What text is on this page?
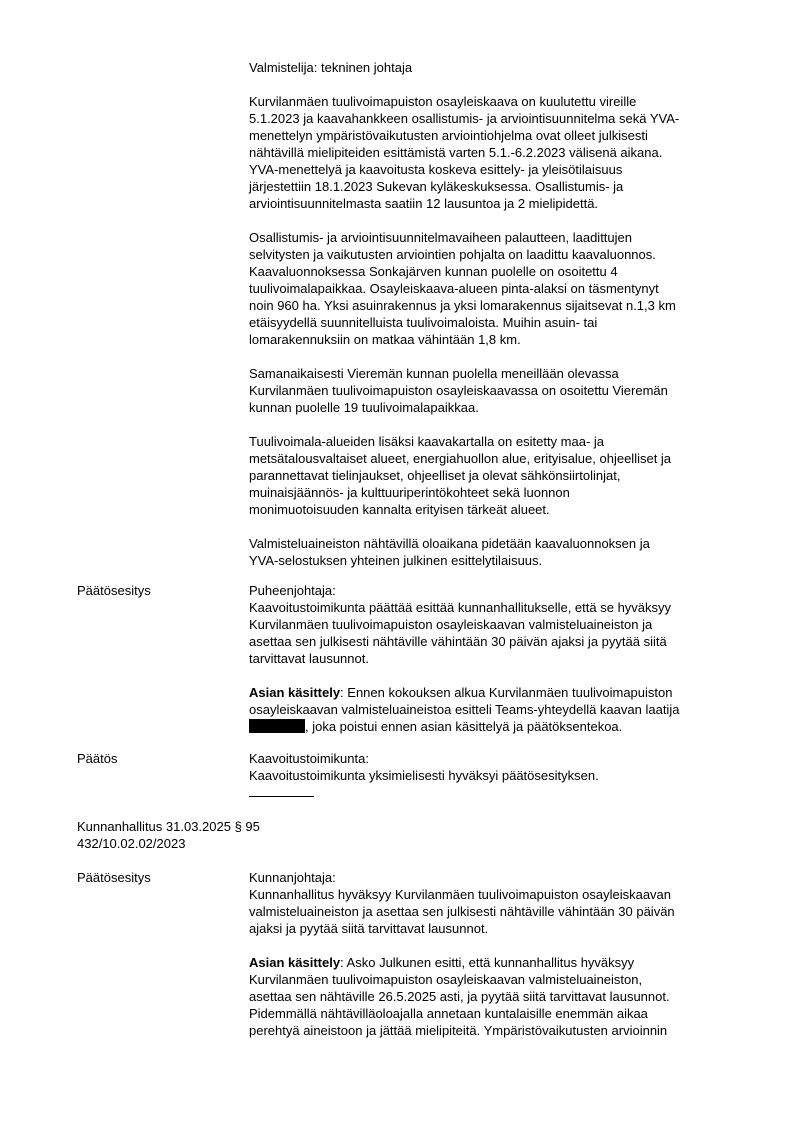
Valmistelija: tekninen johtaja

Kurvilanmäen tuulivoimapuiston osayleiskaava on kuulutettu vireille

5.1.2023 ja kaavahankkeen osallistumis- ja arviointisuunnitelma sekä YVA-

menettelyn ympäristövaikutusten arviointiohjelma ovat olleet julkisesti

nähtävillä mielipiteiden esittämistä varten 5.1.-6.2.2023 välisenä aikana.

YVA-menettelyä ja kaavoitusta koskeva esittely- ja yleisötilaisuus

järjestettiin 18.1.2023 Sukevan kyläkeskuksessa. Osallistumis- ja

arviointisuunnitelmasta saatiin 12 lausuntoa ja 2 mielipidettä.

Osallistumis- ja arviointisuunnitelmavaiheen palautteen, laadittujen

selvitysten ja vaikutusten arviointien pohjalta on laadittu kaavaluonnos.

Kaavaluonnoksessa Sonkajärven kunnan puolelle on osoitettu 4

tuulivoimalapaikkaa. Osayleiskaava-alueen pinta-alaksi on täsmentynyt

noin 960 ha. Yksi asuinrakennus ja yksi lomarakennus sijaitsevat n.1,3 km

etäisyydellä suunnitelluista tuulivoimaloista. Muihin asuin- tai

lomarakennuksiin on matkaa vähintään 1,8 km.

Samanaikaisesti Vieremän kunnan puolella meneillään olevassa

Kurvilanmäen tuulivoimapuiston osayleiskaavassa on osoitettu Vieremän

kunnan puolelle 19 tuulivoimalapaikkaa.

Tuulivoimala-alueiden lisäksi kaavakartalla on esitetty maa- ja

metsätalousvaltaiset alueet, energiahuollon alue, erityisalue, ohjeelliset ja

parannettavat tielinjaukset, ohjeelliset ja olevat sähkönsiirtolinjat,

muinaisjäännös- ja kulttuuriperintökohteet sekä luonnon

monimuotoisuuden kannalta erityisen tärkeät alueet.

Valmisteluaineiston nähtävillä oloaikana pidetään kaavaluonnoksen ja

YVA-selostuksen yhteinen julkinen esittelytilaisuus.

Päätösesitys	Puheenjohtaja:

Kaavoitustoimikunta päättää esittää kunnanhallitukselle, että se hyväksyy

Kurvilanmäen tuulivoimapuiston osayleiskaavan valmisteluaineiston ja

asettaa sen julkisesti nähtäville vähintään 30 päivän ajaksi ja pyytää siitä

tarvittavat lausunnot.

Asian käsittely: Ennen kokouksen alkua Kurvilanmäen tuulivoimapuiston

osayleiskaavan valmisteluaineistoa esitteli Teams-yhteydellä kaavan laatija

, joka poistui ennen asian käsittelyä ja päätöksentekoa.

Päätös	Kaavoitustoimikunta:

Kaavoitustoimikunta yksimielisesti hyväksyi päätösesityksen.

Kunnanhallitus 31.03.2025 § 95

432/10.02.02/2023

Päätösesitys	Kunnanjohtaja:

Kunnanhallitus hyväksyy Kurvilanmäen tuulivoimapuiston osayleiskaavan

valmisteluaineiston ja asettaa sen julkisesti nähtäville vähintään 30 päivän

ajaksi ja pyytää siitä tarvittavat lausunnot.

Asian käsittely: Asko Julkunen esitti, että kunnanhallitus hyväksyy

Kurvilanmäen tuulivoimapuiston osayleiskaavan valmisteluaineiston,

asettaa sen nähtäville 26.5.2025 asti, ja pyytää siitä tarvittavat lausunnot.

Pidemmällä nähtävilläoloajalla annetaan kuntalaisille enemmän aikaa

perehtyä aineistoon ja jättää mielipiteitä. Ympäristövaikutusten arvioinnin
